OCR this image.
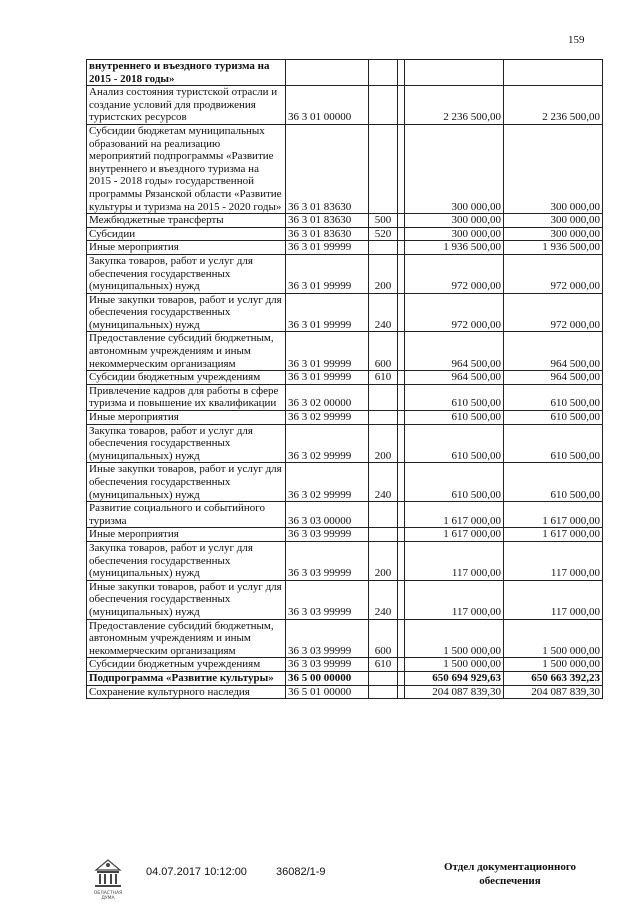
159
внутреннего и въездного туризма на 2015 - 2018 годы»					
Анализ состояния туристской отрасли и создание условий для продвижения туристских ресурсов	36 3 01 00000			2 236 500,00	2 236 500,00
Субсидии бюджетам муниципальных образований на реализацию мероприятий подпрограммы «Развитие внутреннего и въездного туризма на 2015 - 2018 годы» государственной программы Рязанской области «Развитие культуры и туризма на 2015 - 2020 годы»	36 3 01 83630			300 000,00	300 000,00
Межбюджетные трансферты	36 3 01 83630	500		300 000,00	300 000,00
Субсидии	36 3 01 83630	520		300 000,00	300 000,00
Иные мероприятия	36 3 01 99999			1 936 500,00	1 936 500,00
Закупка товаров, работ и услуг для обеспечения государственных (муниципальных) нужд	36 3 01 99999	200		972 000,00	972 000,00
Иные закупки товаров, работ и услуг для обеспечения государственных (муниципальных) нужд	36 3 01 99999	240		972 000,00	972 000,00
Предоставление субсидий бюджетным, автономным учреждениям и иным некоммерческим организациям	36 3 01 99999	600		964 500,00	964 500,00
Субсидии бюджетным учреждениям	36 3 01 99999	610		964 500,00	964 500,00
Привлечение кадров для работы в сфере туризма и повышение их квалификации	36 3 02 00000			610 500,00	610 500,00
Иные мероприятия	36 3 02 99999			610 500,00	610 500,00
Закупка товаров, работ и услуг для обеспечения государственных (муниципальных) нужд	36 3 02 99999	200		610 500,00	610 500,00
Иные закупки товаров, работ и услуг для обеспечения государственных (муниципальных) нужд	36 3 02 99999	240		610 500,00	610 500,00
Развитие социального и событийного туризма	36 3 03 00000			1 617 000,00	1 617 000,00
Иные мероприятия	36 3 03 99999			1 617 000,00	1 617 000,00
Закупка товаров, работ и услуг для обеспечения государственных (муниципальных) нужд	36 3 03 99999	200		117 000,00	117 000,00
Иные закупки товаров, работ и услуг для обеспечения государственных (муниципальных) нужд	36 3 03 99999	240		117 000,00	117 000,00
Предоставление субсидий бюджетным, автономным учреждениям и иным некоммерческим организациям	36 3 03 99999	600		1 500 000,00	1 500 000,00
Субсидии бюджетным учреждениям	36 3 03 99999	610		1 500 000,00	1 500 000,00
Подпрограмма «Развитие культуры»	36 5 00 00000			650 694 929,63	650 663 392,23
Сохранение культурного наследия	36 5 01 00000			204 087 839,30	204 087 839,30
ОБЛАСТНАЯ
ДУМА
04.07.2017 10:12:00	36082/1-9	Отдел документационного
обеспечения
